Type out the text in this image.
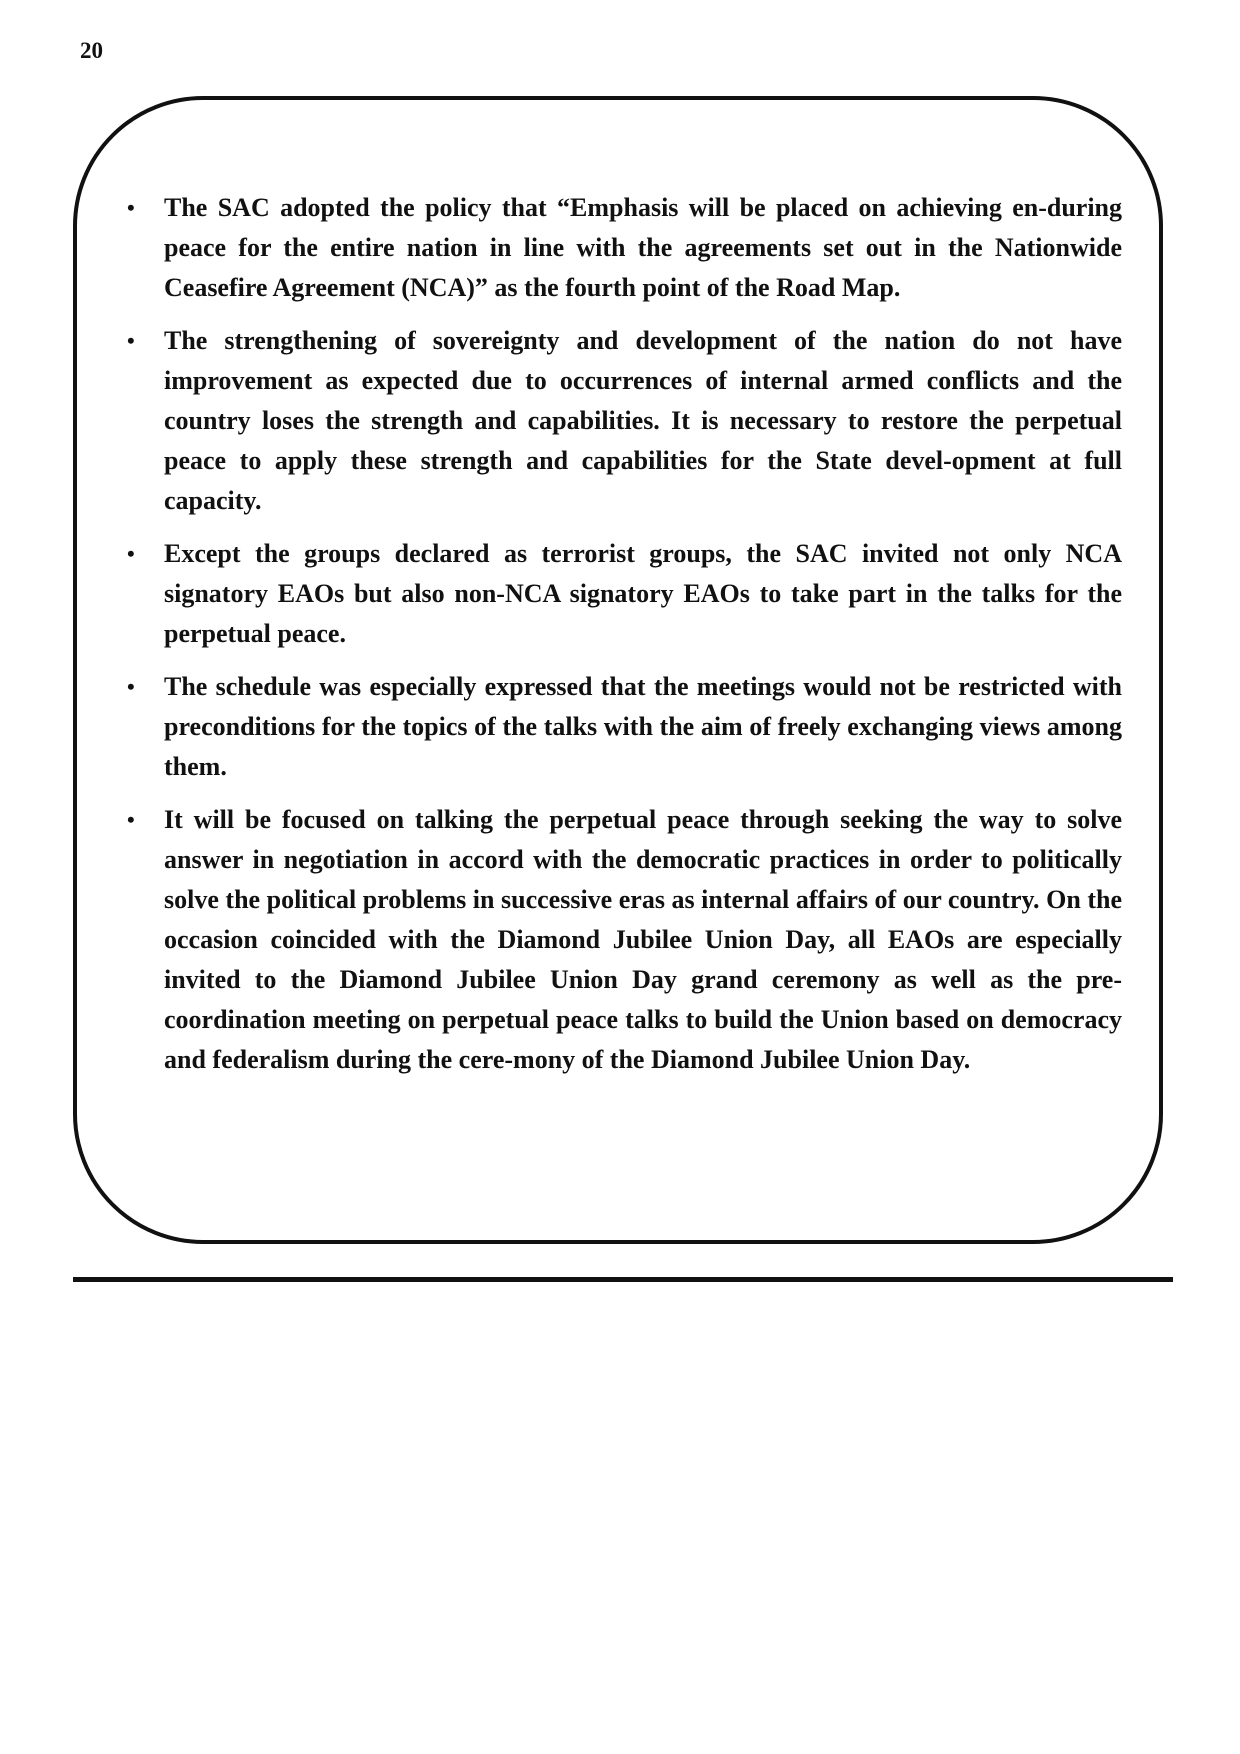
20

• The SAC adopted the policy that “Emphasis will be placed on achieving en-during peace for the entire nation in line with the agreements set out in the Nationwide Ceasefire Agreement (NCA)” as the fourth point of the Road Map.
• The strengthening of sovereignty and development of the nation do not have improvement as expected due to occurrences of internal armed conflicts and the country loses the strength and capabilities. It is necessary to restore the perpetual peace to apply these strength and capabilities for the State devel-opment at full capacity.
• Except the groups declared as terrorist groups, the SAC invited not only NCA signatory EAOs but also non-NCA signatory EAOs to take part in the talks for the perpetual peace.
• The schedule was especially expressed that the meetings would not be restricted with preconditions for the topics of the talks with the aim of freely exchanging views among them.
• It will be focused on talking the perpetual peace through seeking the way to solve answer in negotiation in accord with the democratic practices in order to politically solve the political problems in successive eras as internal affairs of our country. On the occasion coincided with the Diamond Jubilee Union Day, all EAOs are especially invited to the Diamond Jubilee Union Day grand ceremony as well as the pre-coordination meeting on perpetual peace talks to build the Union based on democracy and federalism during the cere-mony of the Diamond Jubilee Union Day.
